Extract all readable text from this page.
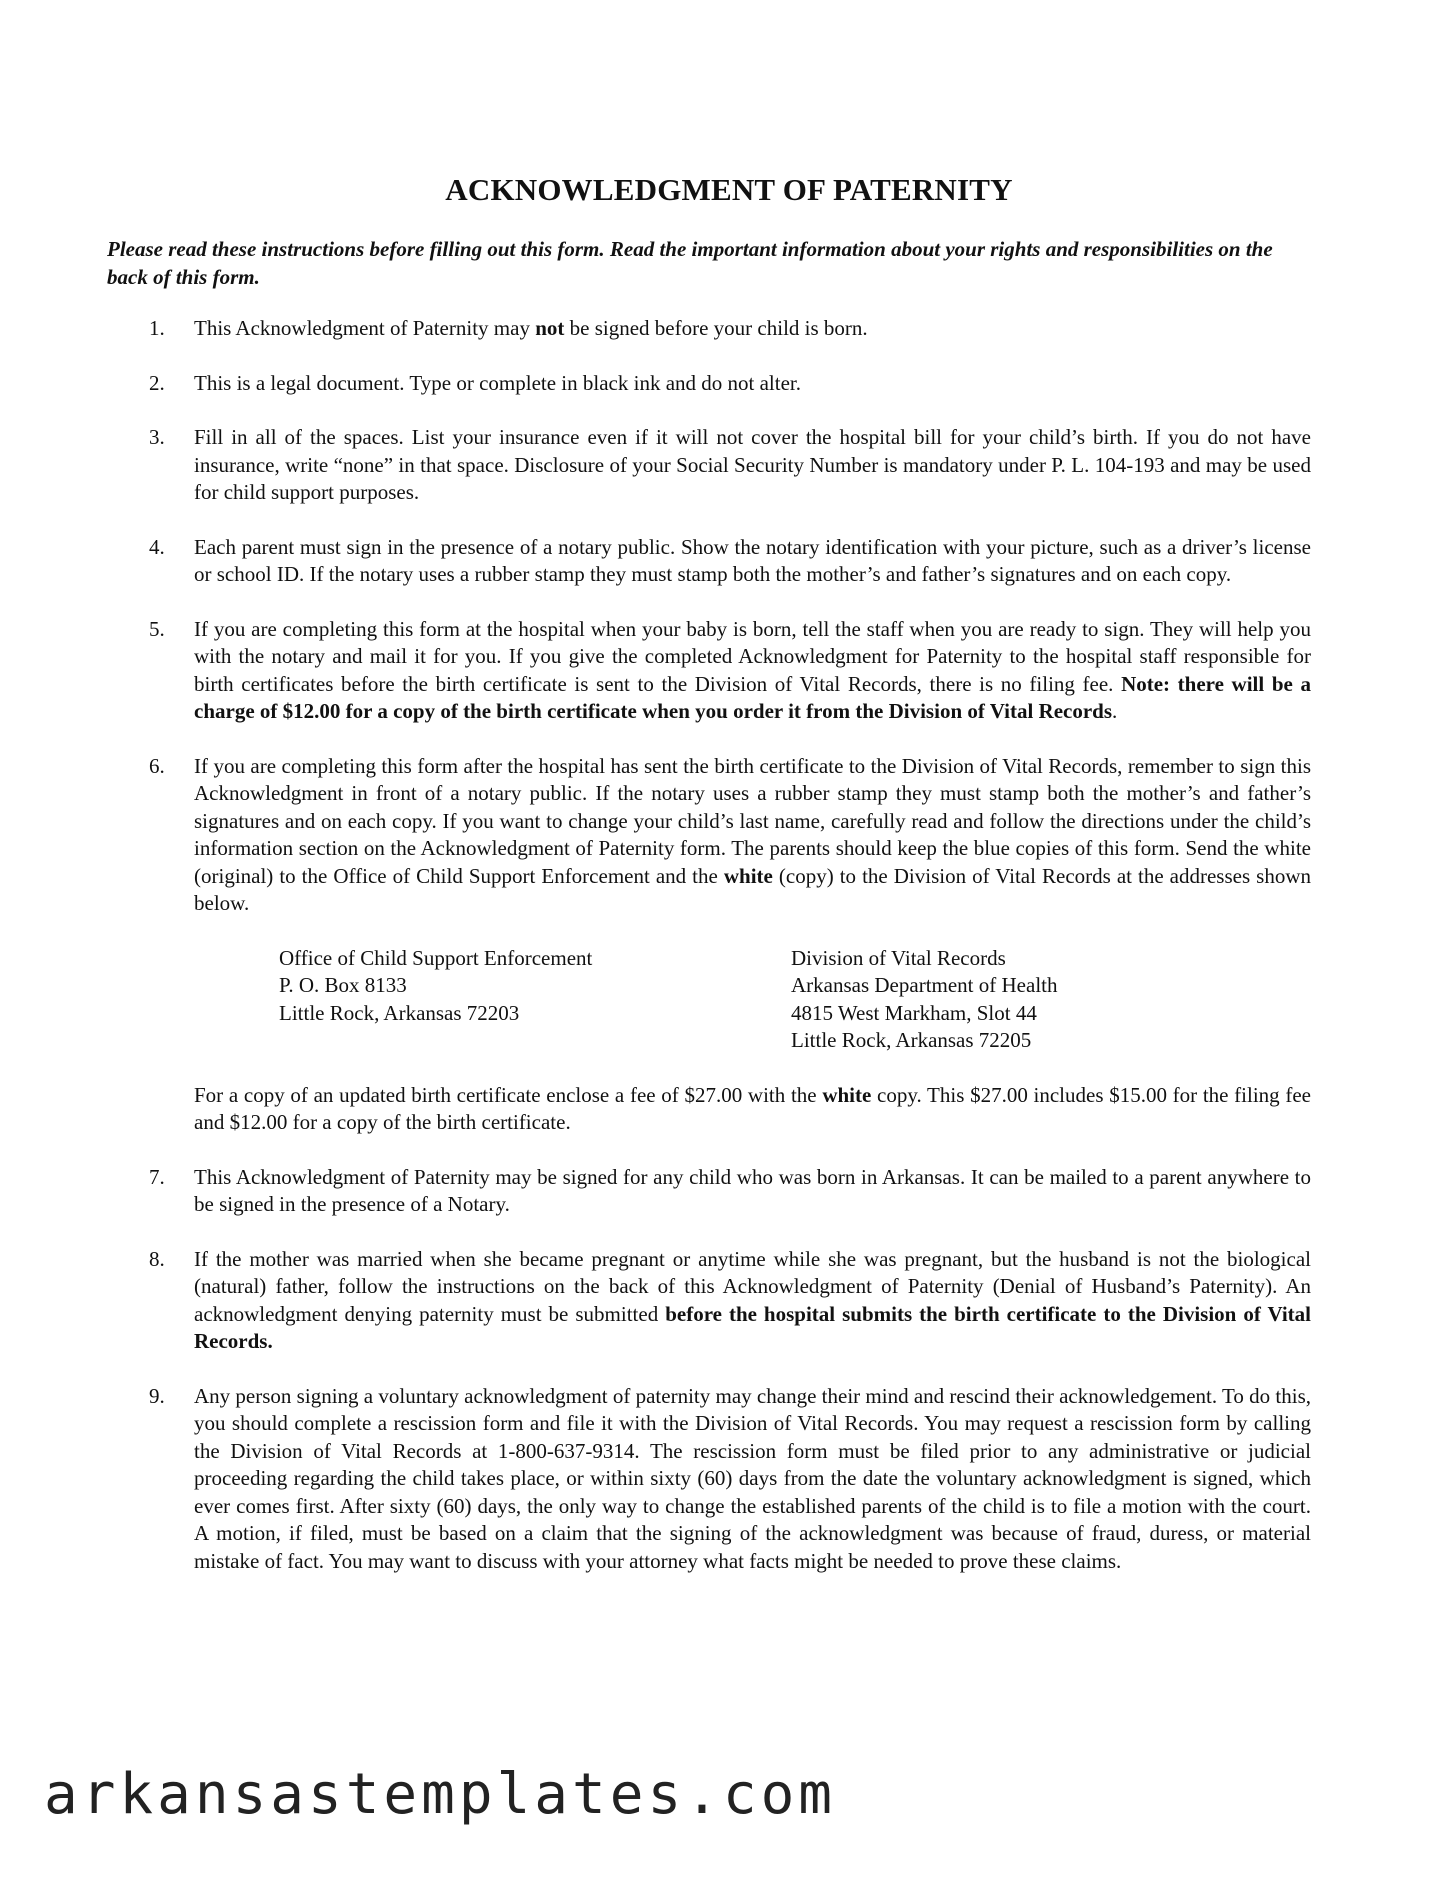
ACKNOWLEDGMENT OF PATERNITY
Please read these instructions before filling out this form. Read the important information about your rights and responsibilities on the back of this form.
1. This Acknowledgment of Paternity may not be signed before your child is born.
2. This is a legal document. Type or complete in black ink and do not alter.
3. Fill in all of the spaces. List your insurance even if it will not cover the hospital bill for your child’s birth. If you do not have insurance, write “none” in that space. Disclosure of your Social Security Number is mandatory under P. L. 104-193 and may be used for child support purposes.
4. Each parent must sign in the presence of a notary public. Show the notary identification with your picture, such as a driver’s license or school ID. If the notary uses a rubber stamp they must stamp both the mother’s and father’s signatures and on each copy.
5. If you are completing this form at the hospital when your baby is born, tell the staff when you are ready to sign. They will help you with the notary and mail it for you. If you give the completed Acknowledgment for Paternity to the hospital staff responsible for birth certificates before the birth certificate is sent to the Division of Vital Records, there is no filing fee. Note: there will be a charge of $12.00 for a copy of the birth certificate when you order it from the Division of Vital Records.
6. If you are completing this form after the hospital has sent the birth certificate to the Division of Vital Records, remember to sign this Acknowledgment in front of a notary public. If the notary uses a rubber stamp they must stamp both the mother’s and father’s signatures and on each copy. If you want to change your child’s last name, carefully read and follow the directions under the child’s information section on the Acknowledgment of Paternity form. The parents should keep the blue copies of this form. Send the white (original) to the Office of Child Support Enforcement and the white (copy) to the Division of Vital Records at the addresses shown below.
Office of Child Support Enforcement
P. O. Box 8133
Little Rock, Arkansas 72203
Division of Vital Records
Arkansas Department of Health
4815 West Markham, Slot 44
Little Rock, Arkansas 72205
For a copy of an updated birth certificate enclose a fee of $27.00 with the white copy. This $27.00 includes $15.00 for the filing fee and $12.00 for a copy of the birth certificate.
7. This Acknowledgment of Paternity may be signed for any child who was born in Arkansas. It can be mailed to a parent anywhere to be signed in the presence of a Notary.
8. If the mother was married when she became pregnant or anytime while she was pregnant, but the husband is not the biological (natural) father, follow the instructions on the back of this Acknowledgment of Paternity (Denial of Husband’s Paternity). An acknowledgment denying paternity must be submitted before the hospital submits the birth certificate to the Division of Vital Records.
9. Any person signing a voluntary acknowledgment of paternity may change their mind and rescind their acknowledgement. To do this, you should complete a rescission form and file it with the Division of Vital Records. You may request a rescission form by calling the Division of Vital Records at 1-800-637-9314. The rescission form must be filed prior to any administrative or judicial proceeding regarding the child takes place, or within sixty (60) days from the date the voluntary acknowledgment is signed, which ever comes first. After sixty (60) days, the only way to change the established parents of the child is to file a motion with the court. A motion, if filed, must be based on a claim that the signing of the acknowledgment was because of fraud, duress, or material mistake of fact. You may want to discuss with your attorney what facts might be needed to prove these claims.
arkansastemplates.com
